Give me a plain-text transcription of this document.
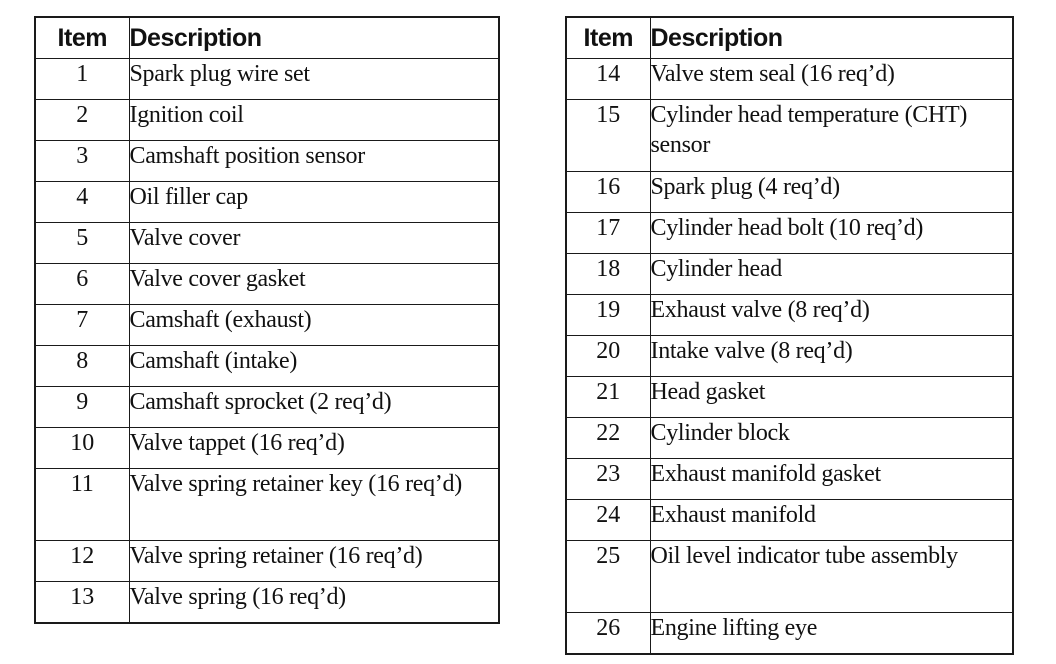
Item	Description
1	Spark plug wire set
2	Ignition coil
3	Camshaft position sensor
4	Oil filler cap
5	Valve cover
6	Valve cover gasket
7	Camshaft (exhaust)
8	Camshaft (intake)
9	Camshaft sprocket (2 req’d)
10	Valve tappet (16 req’d)
11	Valve spring retainer key (16 req’d)
12	Valve spring retainer (16 req’d)
13	Valve spring (16 req’d)
Item	Description
14	Valve stem seal (16 req’d)
15	Cylinder head temperature (CHT) sensor
16	Spark plug (4 req’d)
17	Cylinder head bolt (10 req’d)
18	Cylinder head
19	Exhaust valve (8 req’d)
20	Intake valve (8 req’d)
21	Head gasket
22	Cylinder block
23	Exhaust manifold gasket
24	Exhaust manifold
25	Oil level indicator tube assembly
26	Engine lifting eye
